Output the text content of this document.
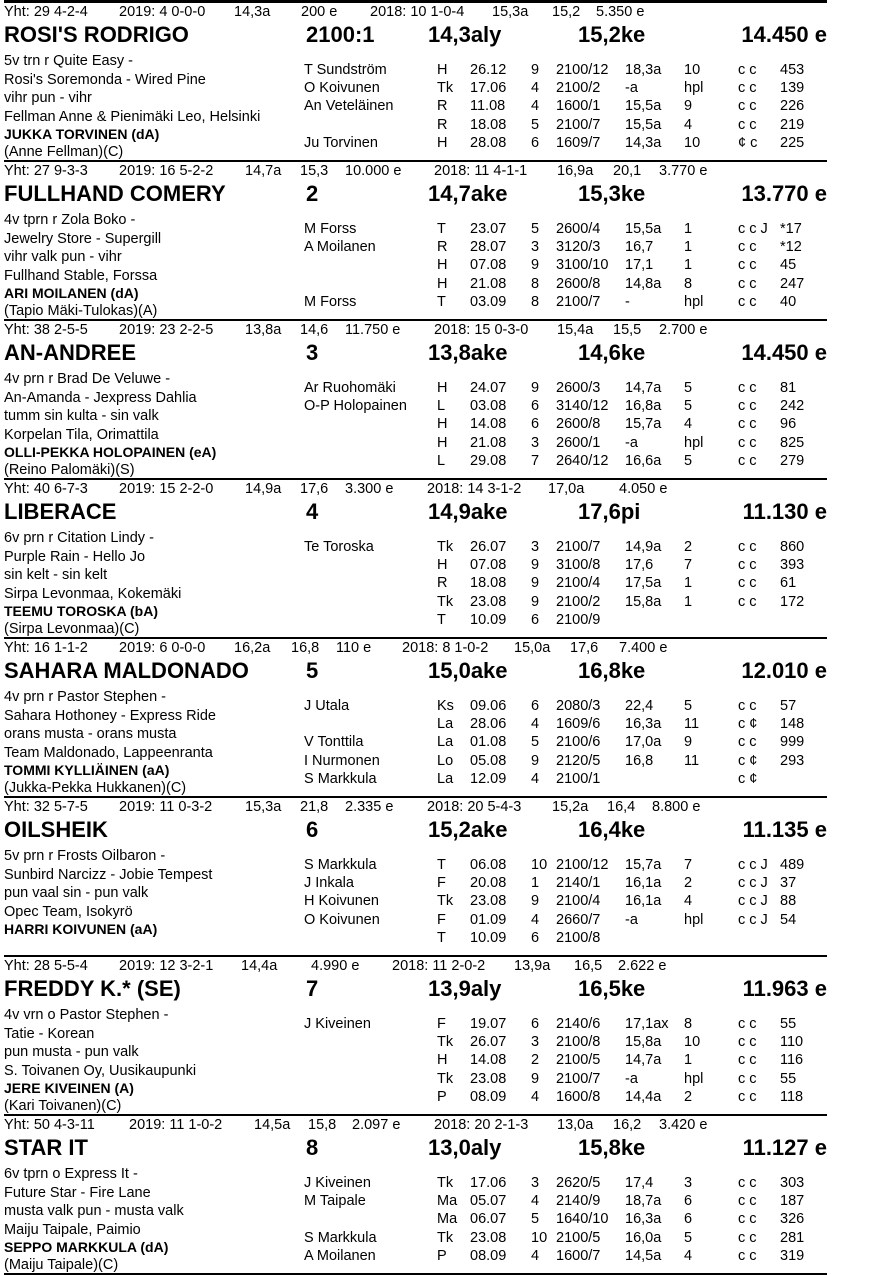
Yht: 29 4-2-4 2019: 4 0-0-0 14,3a 200 e 2018: 10 1-0-4 15,3a 15,2 5.350 e
ROSI'S RODRIGO	2100:1 14,3aly	15,2ke	14.450 e
5v trn r Quite Easy -
Rosi's Soremonda - Wired Pine
vihr pun - vihr
Fellman Anne & Pienimäki Leo, Helsinki
JUKKA TORVINEN (dA)
(Anne Fellman)(C)
T Sundström	H 26.12 9 2100/12 18,3a 10	c c 453
O Koivunen	Tk 17.06 4 2100/2 -a	hpl c c 139
An Veteläinen	R 11.08 4 1600/1 15,5a 9	c c 226
R 18.08 5 2100/7 15,5a 4	c c 219
Ju Torvinen	H 28.08 6 1609/7 14,3a 10	¢ c 225
Yht: 27 9-3-3 2019: 16 5-2-2 14,7a 15,3 10.000 e 2018: 11 4-1-1 16,9a 20,1 3.770 e
FULLHAND COMERY	2	14,7ake	15,3ke	13.770 e
4v tprn r Zola Boko -
Jewelry Store - Supergill
vihr valk pun - vihr
Fullhand Stable, Forssa
ARI MOILANEN (dA)
(Tapio Mäki-Tulokas)(A)
M Forss	T 23.07 5 2600/4 15,5a 1	c c J *17
A Moilanen	R 28.07 3 3120/3 16,7 1	c c *12
H 07.08 9 3100/10 17,1 1	c c 45
H 21.08 8 2600/8 14,8a 8	c c 247
M Forss	T 03.09 8 2100/7 -	hpl c c 40
Yht: 38 2-5-5 2019: 23 2-2-5 13,8a 14,6 11.750 e 2018: 15 0-3-0 15,4a 15,5 2.700 e
AN-ANDREE	3	13,8ake	14,6ke	14.450 e
4v prn r Brad De Veluwe -
An-Amanda - Jexpress Dahlia
tumm sin kulta - sin valk
Korpelan Tila, Orimattila
OLLI-PEKKA HOLOPAINEN (eA)
(Reino Palomäki)(S)
Ar Ruohomäki	H 24.07 9 2600/3 14,7a 5	c c 81
O-P Holopainen L 03.08 6 3140/12 16,8a 5	c c 242
H 14.08 6 2600/8 15,7a 4	c c 96
H 21.08 3 2600/1 -a	hpl c c 825
L 29.08 7 2640/12 16,6a 5	c c 279
Yht: 40 6-7-3 2019: 15 2-2-0 14,9a 17,6 3.300 e 2018: 14 3-1-2 17,0a 4.050 e
LIBERACE	4	14,9ake	17,6pi	11.130 e
6v prn r Citation Lindy -
Purple Rain - Hello Jo
sin kelt - sin kelt
Sirpa Levonmaa, Kokemäki
TEEMU TOROSKA (bA)
(Sirpa Levonmaa)(C)
Te Toroska	Tk 26.07 3 2100/7 14,9a 2	c c 860
H 07.08 9 3100/8 17,6 7	c c 393
R 18.08 9 2100/4 17,5a 1	c c 61
Tk 23.08 9 2100/2 15,8a 1	c c 172
T 10.09 6 2100/9
Yht: 16 1-1-2 2019: 6 0-0-0 16,2a 16,8 110 e 2018: 8 1-0-2 15,0a 17,6 7.400 e
SAHARA MALDONADO	5	15,0ake	16,8ke	12.010 e
4v prn r Pastor Stephen -
Sahara Hothoney - Express Ride
orans musta - orans musta
Team Maldonado, Lappeenranta
TOMMI KYLLIÄINEN (aA)
(Jukka-Pekka Hukkanen)(C)
J Utala	Ks 09.06 6 2080/3 22,4 5	c c 57
La 28.06 4 1609/6 16,3a 11	c ¢ 148
V Tonttila	La 01.08 5 2100/6 17,0a 9	c c 999
I Nurmonen	Lo 05.08 9 2120/5 16,8 11	c ¢ 293
S Markkula	La 12.09 4 2100/1	c ¢
Yht: 32 5-7-5 2019: 11 0-3-2 15,3a 21,8 2.335 e 2018: 20 5-4-3 15,2a 16,4 8.800 e
OILSHEIK	6	15,2ake	16,4ke	11.135 e
5v prn r Frosts Oilbaron -
Sunbird Narcizz - Jobie Tempest
pun vaal sin - pun valk
Opec Team, Isokyrö
HARRI KOIVUNEN (aA)
S Markkula	T 06.08 10 2100/12 15,7a 7	c c J 489
J Inkala	F 20.08 1 2140/1 16,1a 2	c c J 37
H Koivunen	Tk 23.08 9 2100/4 16,1a 4	c c J 88
O Koivunen	F 01.09 4 2660/7 -a	hpl c c J 54
T 10.09 6 2100/8
Yht: 28 5-5-4 2019: 12 3-2-1 14,4a 4.990 e 2018: 11 2-0-2 13,9a 16,5 2.622 e
FREDDY K.* (SE)	7	13,9aly	16,5ke	11.963 e
4v vrn o Pastor Stephen -
Tatie - Korean
pun musta - pun valk
S. Toivanen Oy, Uusikaupunki
JERE KIVEINEN (A)
(Kari Toivanen)(C)
J Kiveinen	F 19.07 6 2140/6 17,1ax 8	c c 55
Tk 26.07 3 2100/8 15,8a 10	c c 110
H 14.08 2 2100/5 14,7a 1	c c 116
Tk 23.08 9 2100/7 -a	hpl c c 55
P 08.09 4 1600/8 14,4a 2	c c 118
Yht: 50 4-3-11 2019: 11 1-0-2 14,5a 15,8 2.097 e 2018: 20 2-1-3 13,0a 16,2 3.420 e
STAR IT	8	13,0aly	15,8ke	11.127 e
6v tprn o Express It -
Future Star - Fire Lane
musta valk pun - musta valk
Maiju Taipale, Paimio
SEPPO MARKKULA (dA)
(Maiju Taipale)(C)
J Kiveinen	Tk 17.06 3 2620/5 17,4 3	c c 303
M Taipale	Ma 05.07 4 2140/9 18,7a 6	c c 187
Ma 06.07 5 1640/10 16,3a 6	c c 326
S Markkula	Tk 23.08 10 2100/5 16,0a 5	c c 281
A Moilanen	P 08.09 4 1600/7 14,5a 4	c c 319
